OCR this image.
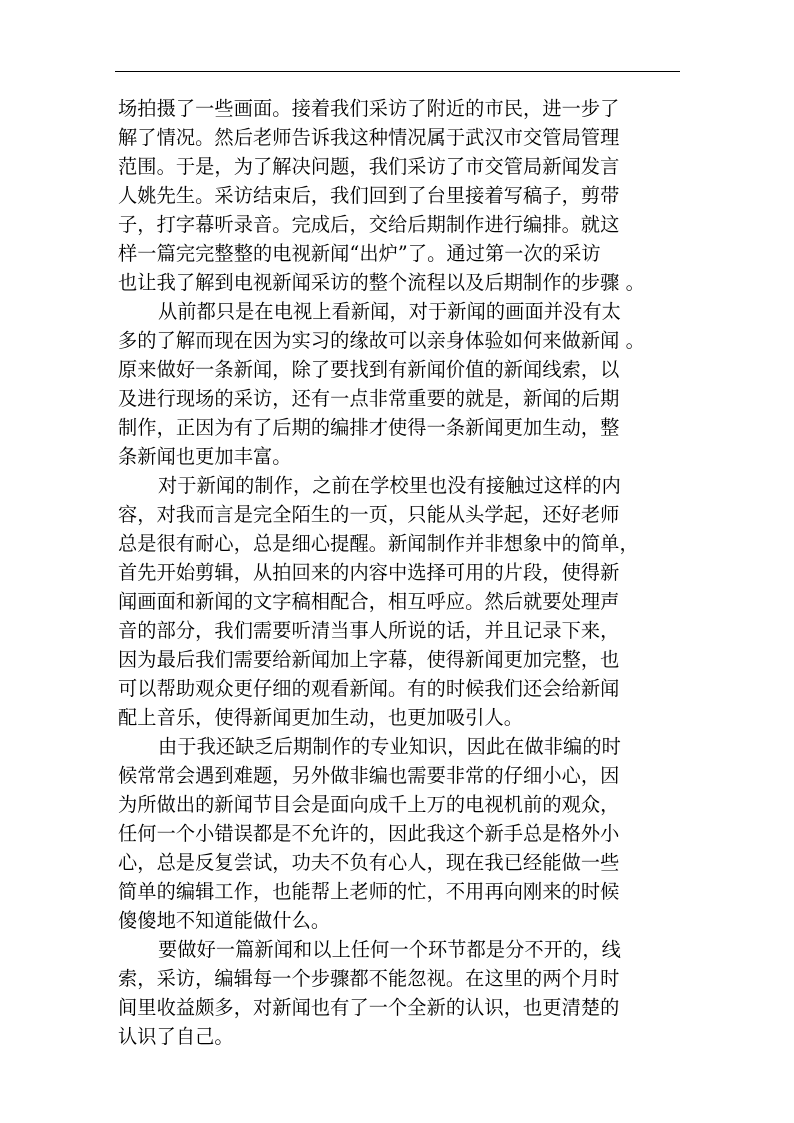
场拍摄了一些画面。接着我们采访了附近的市民，进一步了
解了情况。然后老师告诉我这种情况属于武汉市交管局管理
范围。于是，为了解决问题，我们采访了市交管局新闻发言
人姚先生。采访结束后，我们回到了台里接着写稿子，剪带
子，打字幕听录音。完成后，交给后期制作进行编排。就这
样一篇完完整整的电视新闻“出炉”了。通过第一次的采访
也让我了解到电视新闻采访的整个流程以及后期制作的步骤 。
从前都只是在电视上看新闻，对于新闻的画面并没有太
多的了解而现在因为实习的缘故可以亲身体验如何来做新闻 。
原来做好一条新闻，除了要找到有新闻价值的新闻线索，以
及进行现场的采访，还有一点非常重要的就是，新闻的后期
制作，正因为有了后期的编排才使得一条新闻更加生动，整
条新闻也更加丰富。
对于新闻的制作，之前在学校里也没有接触过这样的内
容，对我而言是完全陌生的一页，只能从头学起，还好老师
总是很有耐心，总是细心提醒。新闻制作并非想象中的简单，
首先开始剪辑，从拍回来的内容中选择可用的片段，使得新
闻画面和新闻的文字稿相配合，相互呼应。然后就要处理声
音的部分，我们需要听清当事人所说的话，并且记录下来，
因为最后我们需要给新闻加上字幕，使得新闻更加完整，也
可以帮助观众更仔细的观看新闻。有的时候我们还会给新闻
配上音乐，使得新闻更加生动，也更加吸引人。
由于我还缺乏后期制作的专业知识，因此在做非编的时
候常常会遇到难题，另外做非编也需要非常的仔细小心，因
为所做出的新闻节目会是面向成千上万的电视机前的观众，
任何一个小错误都是不允许的，因此我这个新手总是格外小
心，总是反复尝试，功夫不负有心人，现在我已经能做一些
简单的编辑工作，也能帮上老师的忙，不用再向刚来的时候
傻傻地不知道能做什么。
要做好一篇新闻和以上任何一个环节都是分不开的，线
索，采访，编辑每一个步骤都不能忽视。在这里的两个月时
间里收益颇多，对新闻也有了一个全新的认识，也更清楚的
认识了自己。
